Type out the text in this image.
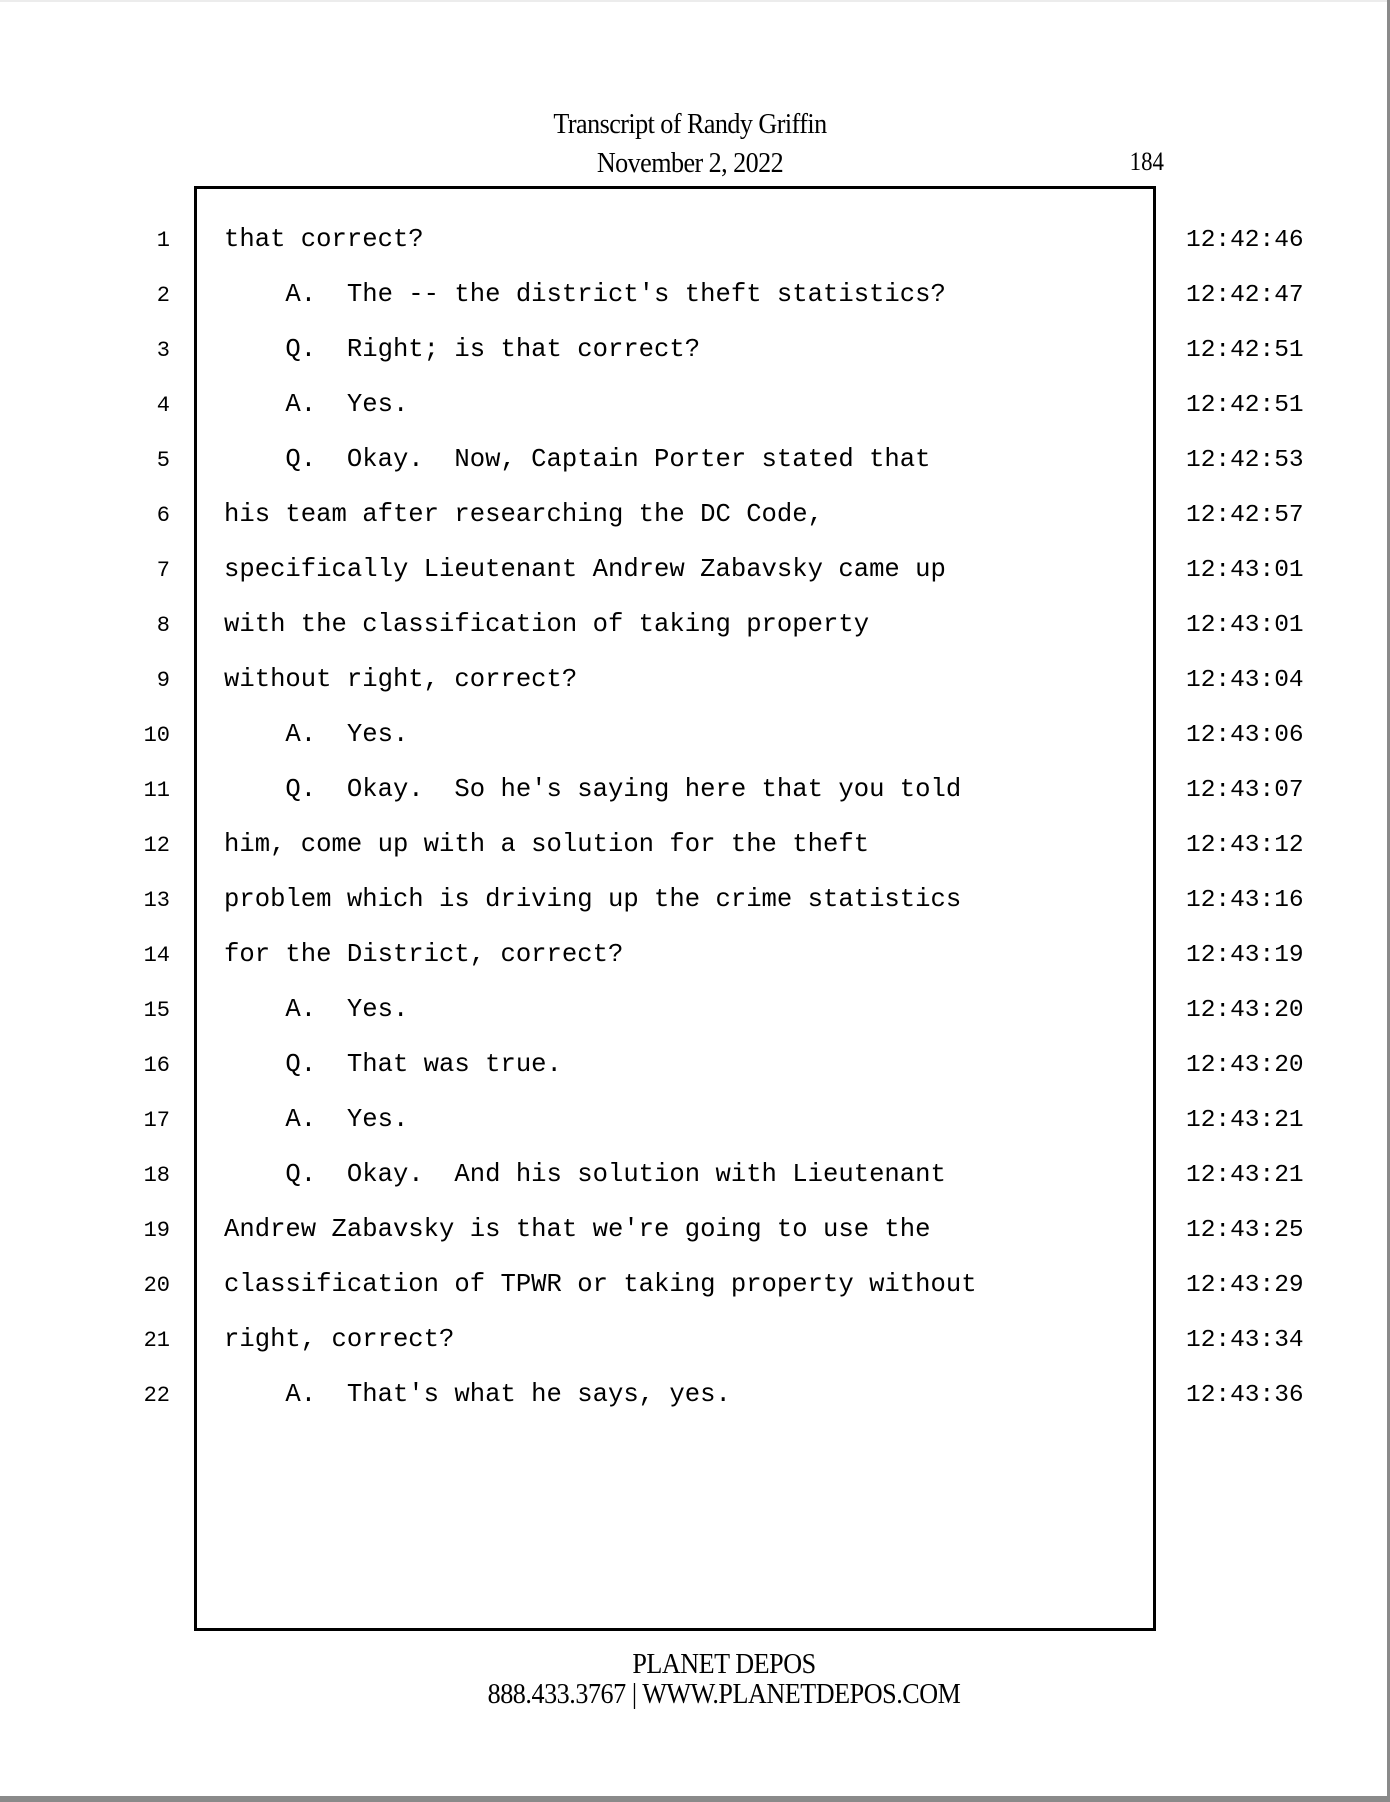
Transcript of Randy Griffin
November 2, 2022	184
1 that correct?	12:42:46
2 A.  The -- the district's theft statistics?	12:42:47
3 Q.  Right; is that correct?	12:42:51
4 A.  Yes.	12:42:51
5 Q.  Okay.  Now, Captain Porter stated that	12:42:53
6 his team after researching the DC Code,	12:42:57
7 specifically Lieutenant Andrew Zabavsky came up	12:43:01
8 with the classification of taking property	12:43:01
9 without right, correct?	12:43:04
10 A.  Yes.	12:43:06
11 Q.  Okay.  So he's saying here that you told	12:43:07
12 him, come up with a solution for the theft	12:43:12
13 problem which is driving up the crime statistics	12:43:16
14 for the District, correct?	12:43:19
15 A.  Yes.	12:43:20
16 Q.  That was true.	12:43:20
17 A.  Yes.	12:43:21
18 Q.  Okay.  And his solution with Lieutenant	12:43:21
19 Andrew Zabavsky is that we're going to use the	12:43:25
20 classification of TPWR or taking property without	12:43:29
21 right, correct?	12:43:34
22 A.  That's what he says, yes.	12:43:36
PLANET DEPOS
888.433.3767 | WWW.PLANETDEPOS.COM
